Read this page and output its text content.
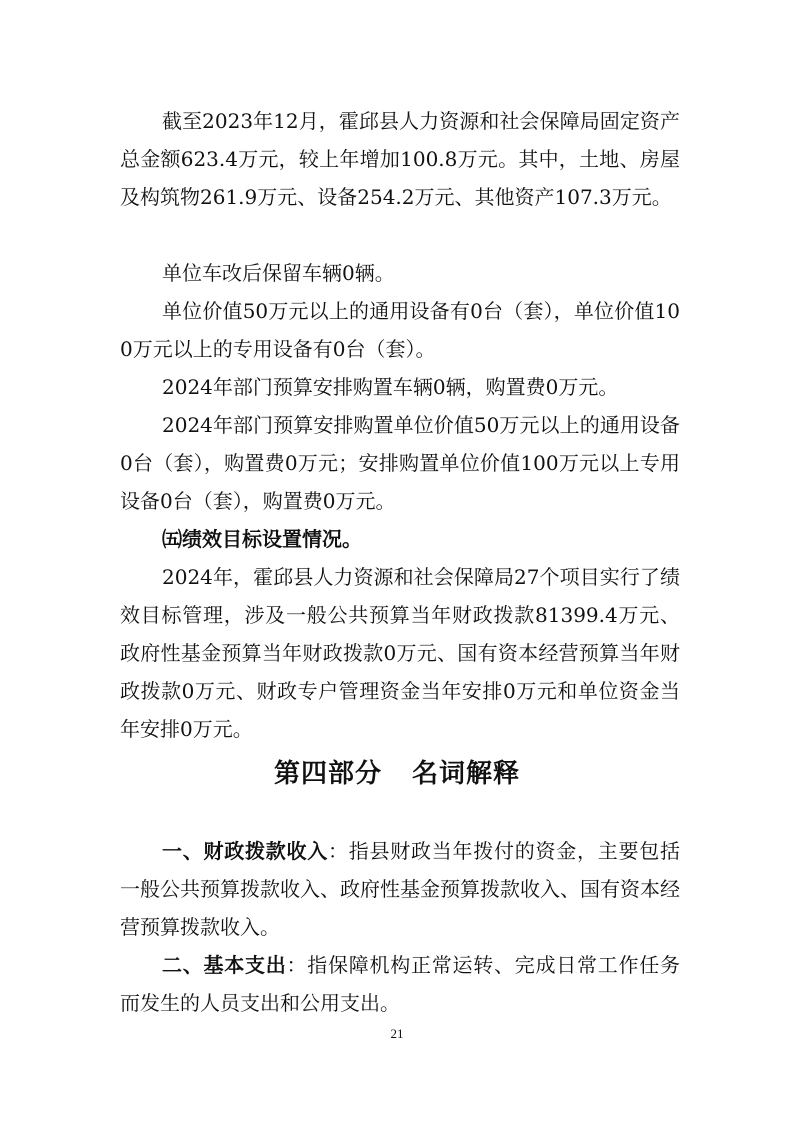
截至2023年12月，霍邱县人力资源和社会保障局固定资产总金额623.4万元，较上年增加100.8万元。其中，土地、房屋及构筑物261.9万元、设备254.2万元、其他资产107.3万元。

单位车改后保留车辆0辆。

单位价值50万元以上的通用设备有0台（套），单位价值100万元以上的专用设备有0台（套）。

2024年部门预算安排购置车辆0辆，购置费0万元。

2024年部门预算安排购置单位价值50万元以上的通用设备0台（套），购置费0万元；安排购置单位价值100万元以上专用设备0台（套），购置费0万元。

㈤绩效目标设置情况。

2024年，霍邱县人力资源和社会保障局27个项目实行了绩效目标管理，涉及一般公共预算当年财政拨款81399.4万元、政府性基金预算当年财政拨款0万元、国有资本经营预算当年财政拨款0万元、财政专户管理资金当年安排0万元和单位资金当年安排0万元。

第四部分 名词解释

一、财政拨款收入：指县财政当年拨付的资金，主要包括一般公共预算拨款收入、政府性基金预算拨款收入、国有资本经营预算拨款收入。

二、基本支出：指保障机构正常运转、完成日常工作任务而发生的人员支出和公用支出。

21
